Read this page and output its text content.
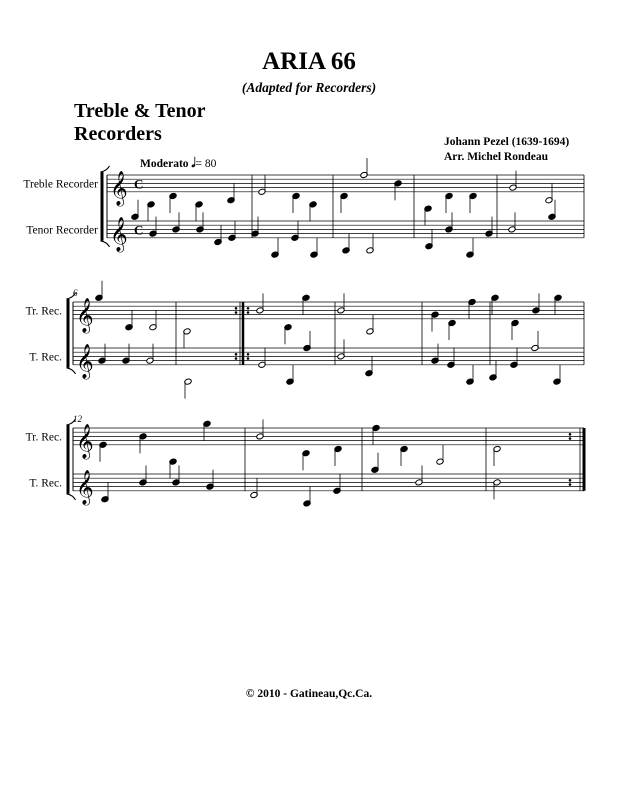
ARIA 66
(Adapted for Recorders)
Treble & Tenor
Recorders	Johann Pezel (1639-1694)
Arr. Michel Rondeau
Moderato 𝅗𝅥= 80
Treble Recorder 𝄞 C
Tenor Recorder 𝄞 C
Tr. Rec. 𝄞
T. Rec. 𝄞
6
Tr. Rec. 𝄞
T. Rec. 𝄞
12
© 2010 - Gatineau,Qc.Ca.
